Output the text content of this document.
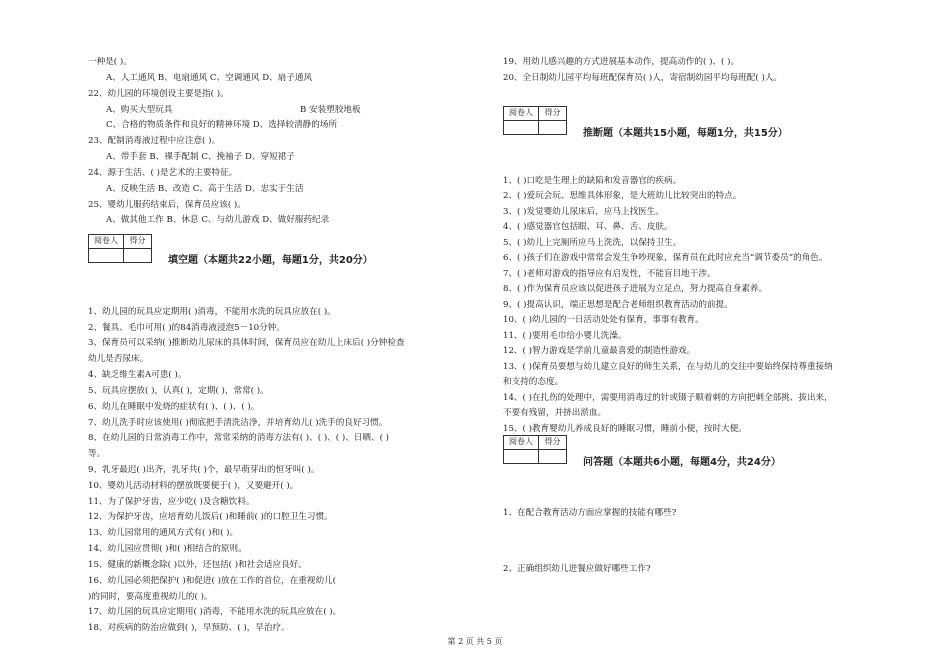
一种是( )。
A、人工通风 B、电扇通风 C、空调通风 D、扇子通风
22、幼儿园的环境创设主要是指( )。
A、购买大型玩具	B 安装塑胶地板
C、合格的物质条件和良好的精神环境 D、选择较清静的场所
23、配制消毒液过程中应注意( )。
A、带手套 B、裸手配制 C、挽袖子 D、穿短裙子
24、源于生活、( )是艺术的主要特征。
A、反映生活 B、改造 C、高于生活 D、忠实于生活
25、婴幼儿服药结束后，保育员应该( )。
A、做其他工作 B、休息 C、与幼儿游戏 D、做好服药纪录
阅卷人	得分
填空题（本题共22小题，每题1分，共20分）
1、幼儿园的玩具应定期用( )消毒，不能用水洗的玩具应放在( )。
2、餐具、毛巾可用( )的84消毒液浸泡5－10分钟。
3、保育员可以采纳( )推断幼儿尿床的具体时间，保育员应在幼儿上床后( )分钟检查
幼儿是否尿床。
4、缺乏维生素A可患( )。
5、玩具应摆放( )，认真( )，定期( )，常常( )。
6、幼儿在睡眠中发烧的症状有( )、( )、( )。
7、幼儿洗手时应该使用( )彻底把手清洗洁净，并培育幼儿( )洗手的良好习惯。
8、在幼儿园的日常消毒工作中，常常采纳的消毒方法有( )、( )、( )、日晒、( )
等。
9、乳牙最迟( )出齐，乳牙共( )个，最早萌芽出的恒牙叫( )。
10、婴幼儿活动材料的摆放既要便于( )，又要避开( )。
11、为了保护牙齿，应少吃( )及含糖饮料。
12、为保护牙齿，应培育幼儿饭后( )和睡前( )的口腔卫生习惯。
13、幼儿园常用的通风方式有( )和( )。
14、幼儿园应贯彻( )和( )相结合的原则。
15、健康的新概念除( )以外，还包括( )和社会适应良好。
16、幼儿园必须把保护( )和促进( )放在工作的首位，在重视幼儿(
)的同时，要高度重视幼儿的( )。
17、幼儿园的玩具应定期用( )消毒，不能用水洗的玩具应放在( )。
18、对疾病的防治应做到( )，早预防、( )，早治疗。
19、用幼儿感兴趣的方式进展基本动作，提高动作的( )、( )。
20、全日制幼儿园平均每班配保育员( )人，寄宿制幼园平均每班配( )人。
阅卷人	得分
推断题（本题共15小题，每题1分，共15分）
1、( )口吃是生理上的缺陷和发音器官的疾病。
2、( )爱玩会玩、思维具体形象，是大班幼儿比较突出的特点。
3、( )发觉婴幼儿尿床后，应马上找医生。
4、( )感觉器官包括眼、耳、鼻、舌、皮肤。
5、( )幼儿上完厕所应马上洗洗，以保持卫生。
6、( )孩子们在游戏中常常会发生争吵现象，保育员在此时应充当“调节委员”的角色。
7、( )老师对游戏的指导应有启发性，不能盲目地干涉。
8、( )作为保育员应该以促进孩子进展为立足点，努力提高自身素养。
9、( )提高认识，端正思想是配合老师组织教育活动的前提。
10、( )幼儿园的一日活动处处有保育，事事有教育。
11、( )要用毛巾给小婴儿洗澡。
12、( )智力游戏是学前儿童最喜爱的制造性游戏。
13、( )保育员要想与幼儿建立良好的师生关系，在与幼儿的交往中要始终保持尊重接纳
和支持的态度。
14、( )在扎伤的处理中，需要用消毒过的针或镊子顺着刺的方向把刺全部挑、拔出来，
不要有残留，并挤出淤血。
15、( )教育婴幼儿养成良好的睡眠习惯，睡前小便，按时大便。
阅卷人	得分
问答题（本题共6小题，每题4分，共24分）
1、在配合教育活动方面应掌握的技能有哪些?
2、正确组织幼儿进餐应做好哪些工作?
第 2 页 共 5 页
